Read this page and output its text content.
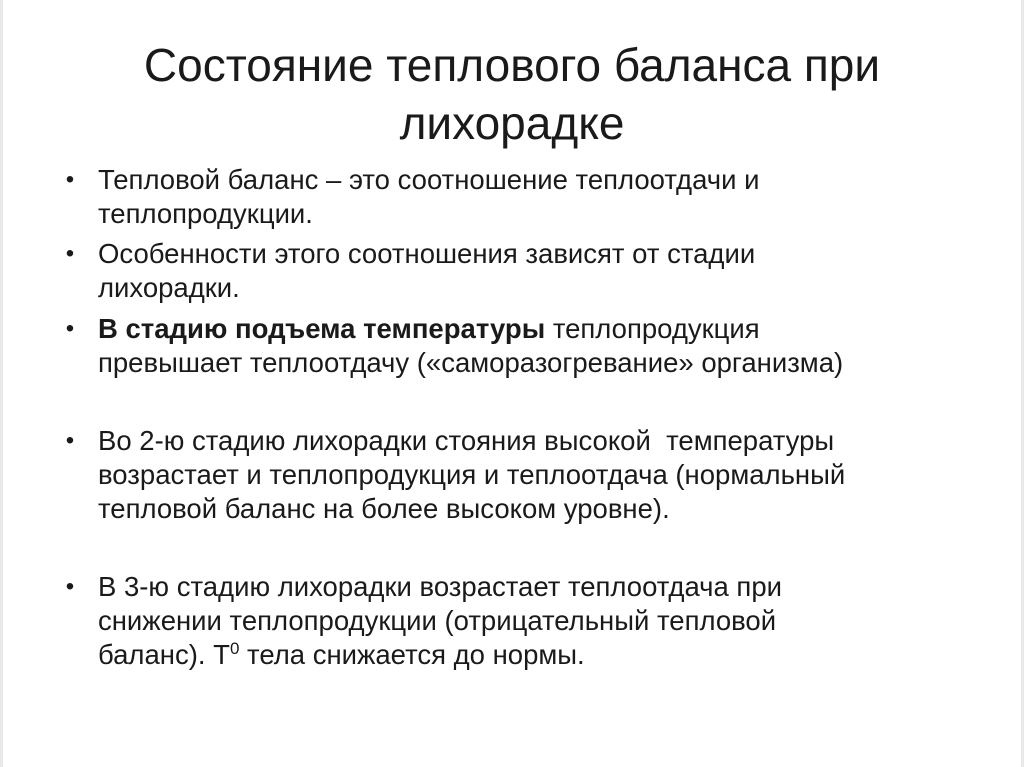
Состояние теплового баланса при
лихорадке
• Тепловой баланс – это соотношение теплоотдачи и
теплопродукции.
• Особенности этого соотношения зависят от стадии
лихорадки.
• В стадию подъема температуры теплопродукция
превышает теплоотдачу («саморазогревание» организма)
• Во 2-ю стадию лихорадки стояния высокой  температуры
возрастает и теплопродукция и теплоотдача (нормальный
тепловой баланс на более высоком уровне).
• В 3-ю стадию лихорадки возрастает теплоотдача при
снижении теплопродукции (отрицательный тепловой
баланс). $Т^0$ тела снижается до нормы.
